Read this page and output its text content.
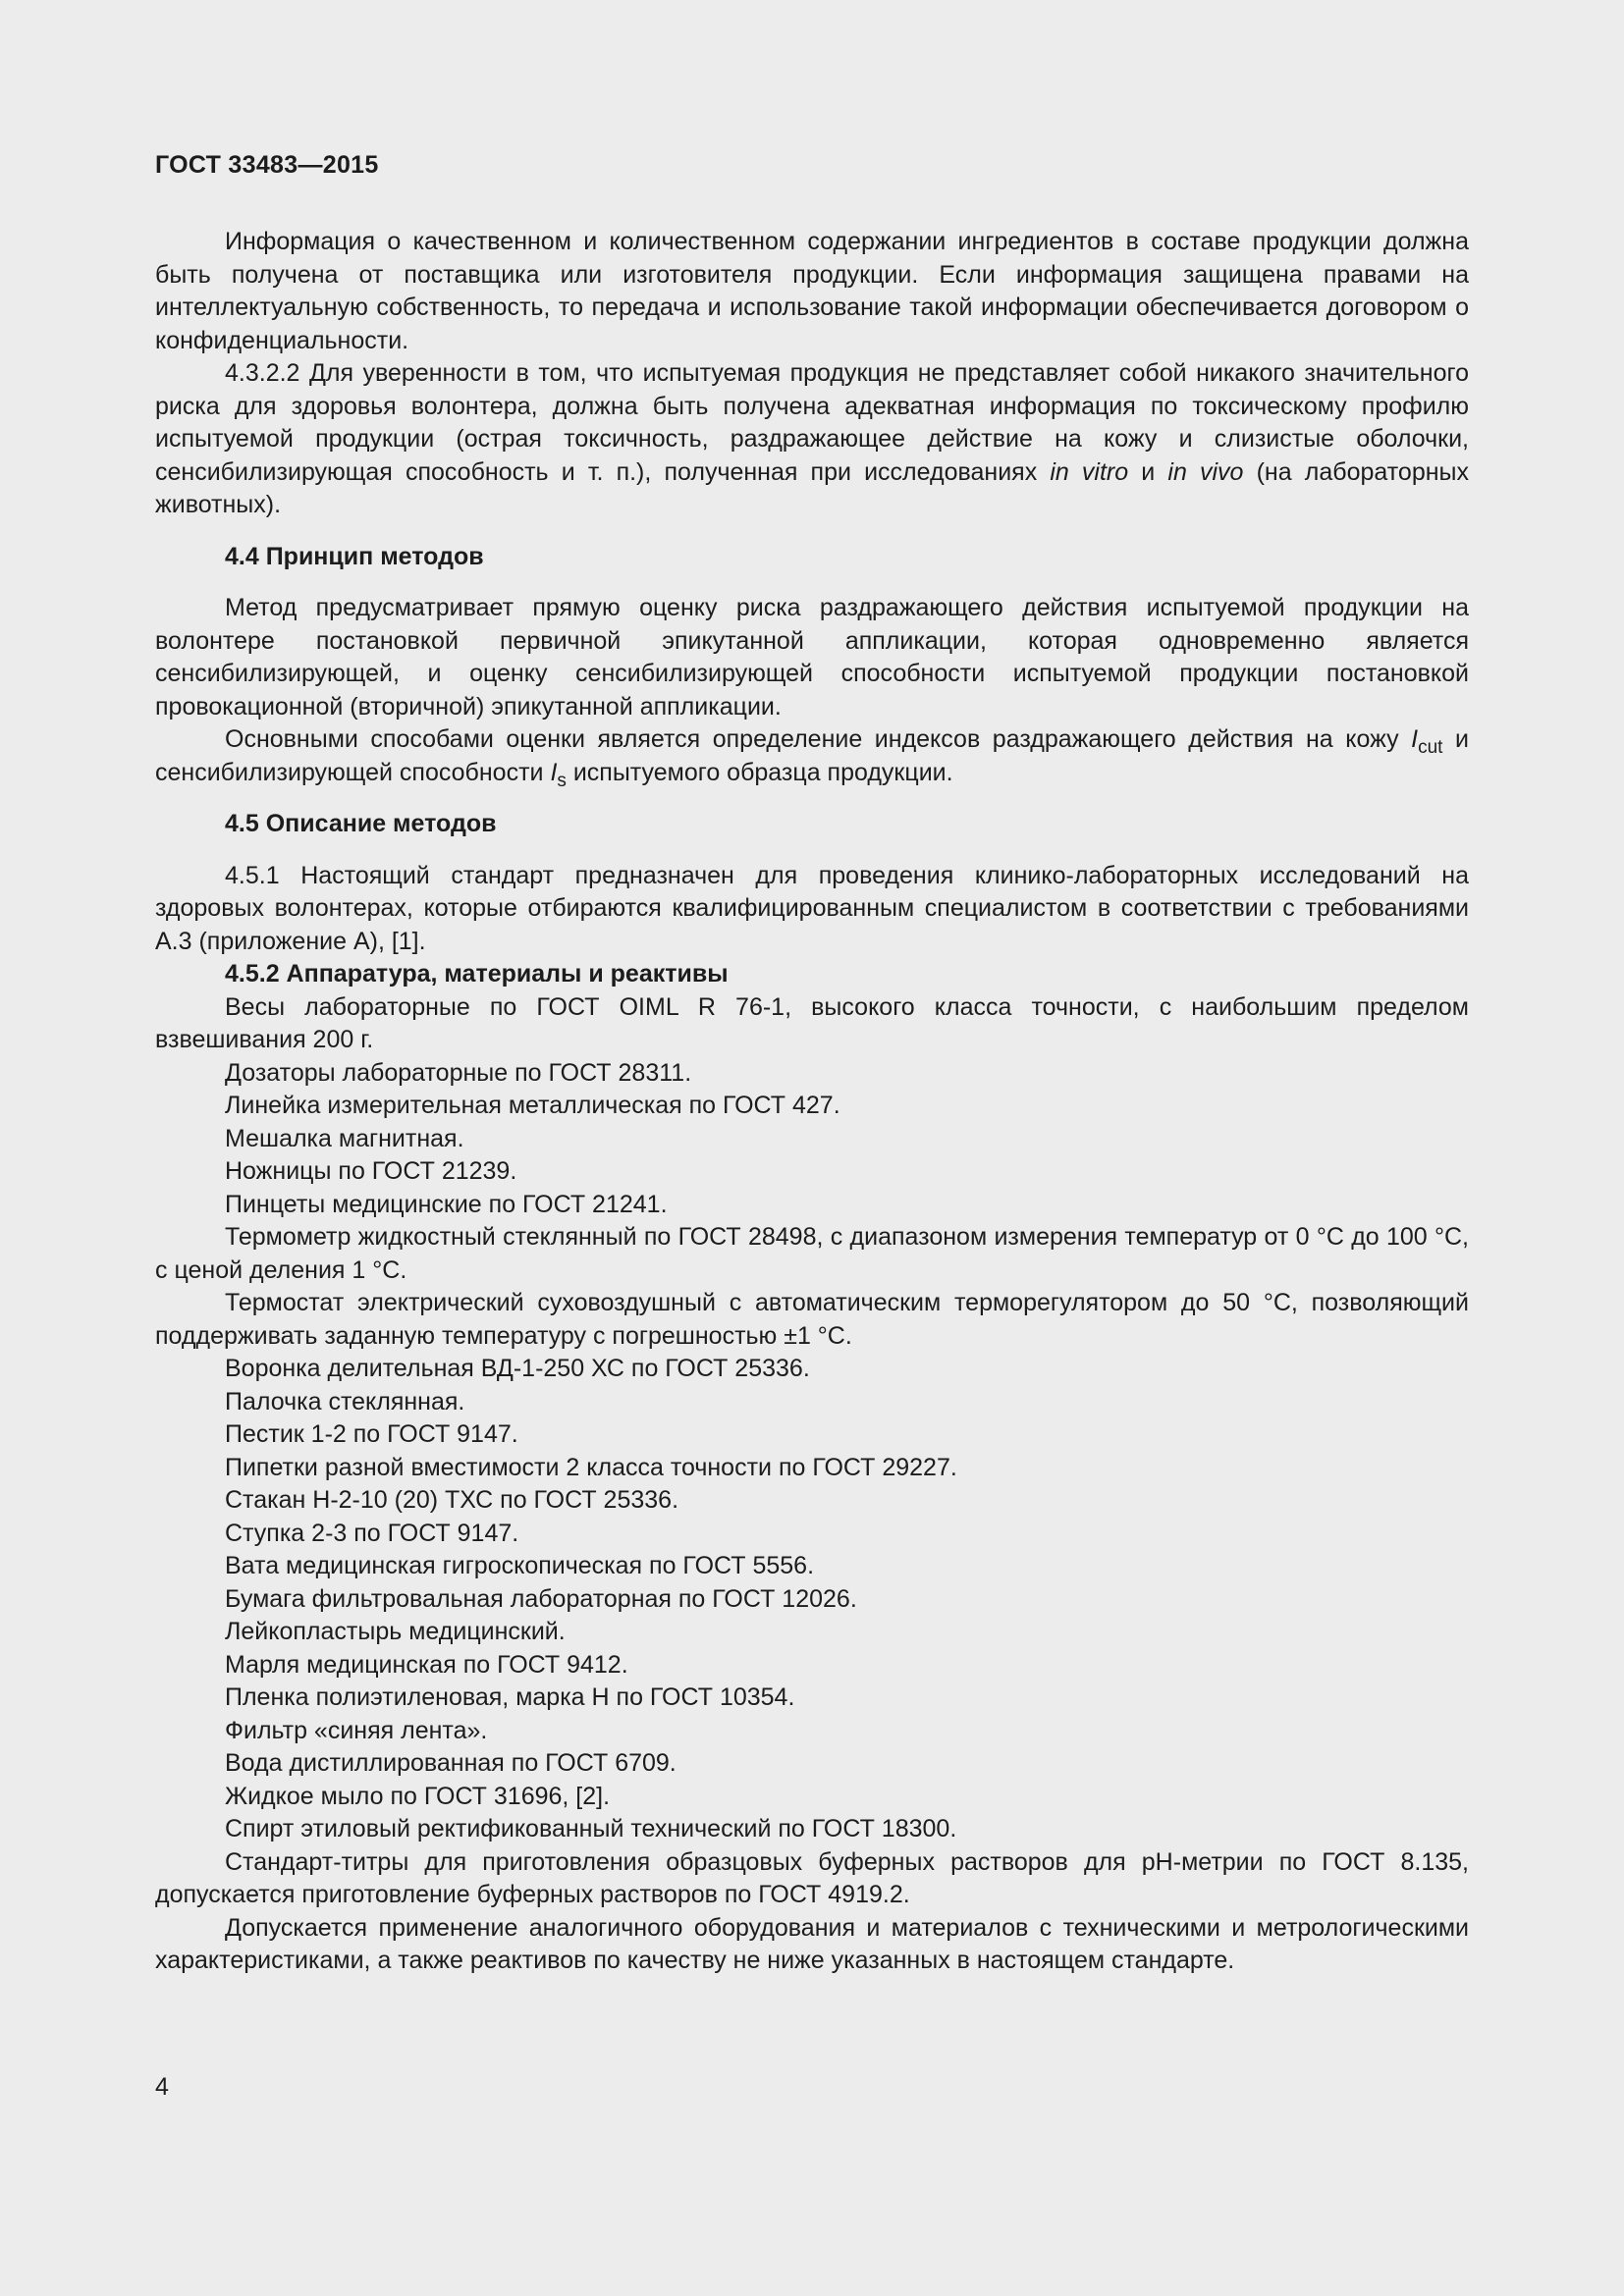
ГОСТ 33483—2015

Информация о качественном и количественном содержании ингредиентов в составе продукции должна быть получена от поставщика или изготовителя продукции. Если информация защищена правами на интеллектуальную собственность, то передача и использование такой информации обеспечивается договором о конфиденциальности.

4.3.2.2 Для уверенности в том, что испытуемая продукция не представляет собой никакого значительного риска для здоровья волонтера, должна быть получена адекватная информация по токсическому профилю испытуемой продукции (острая токсичность, раздражающее действие на кожу и слизистые оболочки, сенсибилизирующая способность и т. п.), полученная при исследованиях in vitro и in vivo (на лабораторных животных).

4.4 Принцип методов

Метод предусматривает прямую оценку риска раздражающего действия испытуемой продукции на волонтере постановкой первичной эпикутанной аппликации, которая одновременно является сенсибилизирующей, и оценку сенсибилизирующей способности испытуемой продукции постановкой провокационной (вторичной) эпикутанной аппликации.

Основными способами оценки является определение индексов раздражающего действия на кожу $I_{cut}$ и сенсибилизирующей способности $I_s$ испытуемого образца продукции.

4.5 Описание методов

4.5.1 Настоящий стандарт предназначен для проведения клинико-лабораторных исследований на здоровых волонтерах, которые отбираются квалифицированным специалистом в соответствии с требованиями А.3 (приложение А), [1].

4.5.2 Аппаратура, материалы и реактивы

Весы лабораторные по ГОСТ OIML R 76-1, высокого класса точности, с наибольшим пределом взвешивания 200 г.

Дозаторы лабораторные по ГОСТ 28311.

Линейка измерительная металлическая по ГОСТ 427.

Мешалка магнитная.

Ножницы по ГОСТ 21239.

Пинцеты медицинские по ГОСТ 21241.

Термометр жидкостный стеклянный по ГОСТ 28498, с диапазоном измерения температур от 0 °С до 100 °С, с ценой деления 1 °С.

Термостат электрический суховоздушный с автоматическим терморегулятором до 50 °С, позволяющий поддерживать заданную температуру с погрешностью ±1 °С.

Воронка делительная ВД-1-250 ХС по ГОСТ 25336.

Палочка стеклянная.

Пестик 1-2 по ГОСТ 9147.

Пипетки разной вместимости 2 класса точности по ГОСТ 29227.

Стакан Н-2-10 (20) ТХС по ГОСТ 25336.

Ступка 2-3 по ГОСТ 9147.

Вата медицинская гигроскопическая по ГОСТ 5556.

Бумага фильтровальная лабораторная по ГОСТ 12026.

Лейкопластырь медицинский.

Марля медицинская по ГОСТ 9412.

Пленка полиэтиленовая, марка Н по ГОСТ 10354.

Фильтр «синяя лента».

Вода дистиллированная по ГОСТ 6709.

Жидкое мыло по ГОСТ 31696, [2].

Спирт этиловый ректификованный технический по ГОСТ 18300.

Стандарт-титры для приготовления образцовых буферных растворов для pH-метрии по ГОСТ 8.135, допускается приготовление буферных растворов по ГОСТ 4919.2.

Допускается применение аналогичного оборудования и материалов с техническими и метрологическими характеристиками, а также реактивов по качеству не ниже указанных в настоящем стандарте.

4
